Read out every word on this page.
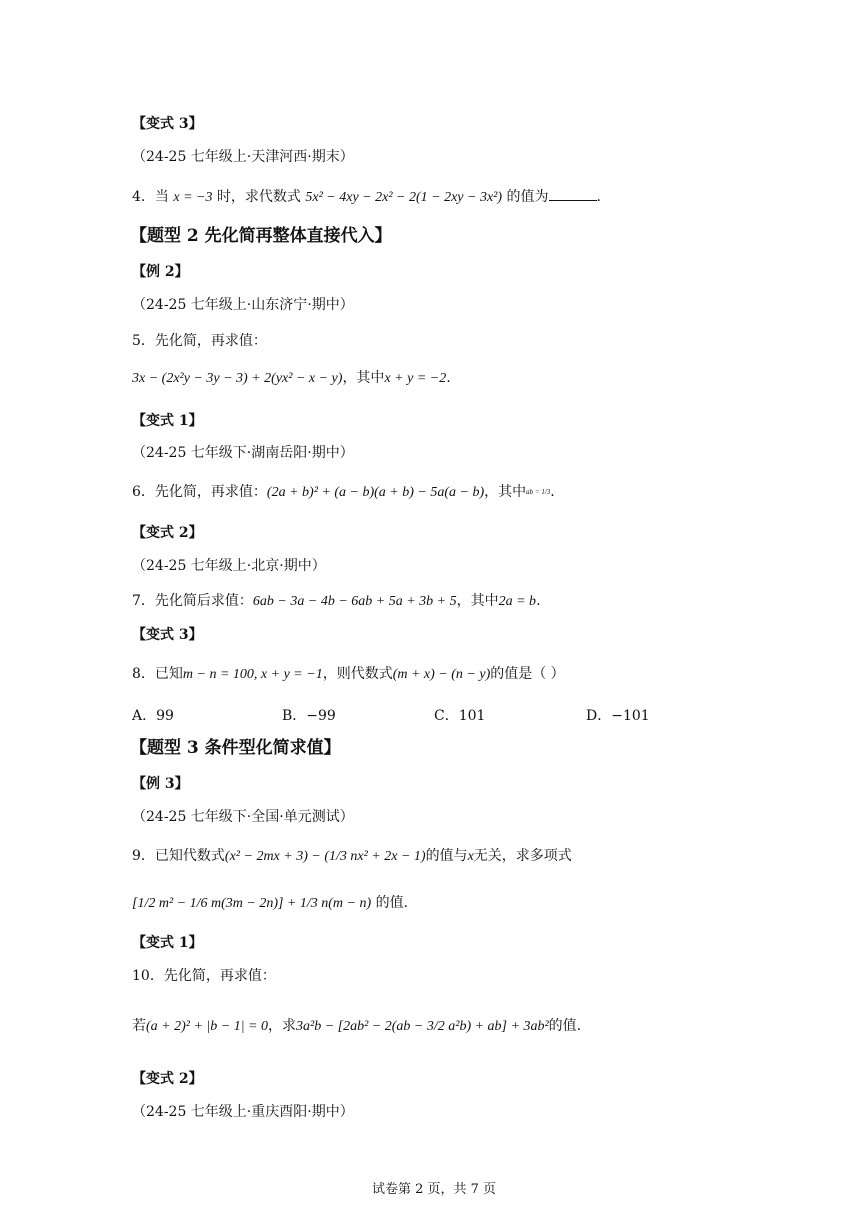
【变式 3】
（24-25 七年级上·天津河西·期末）
4．当 x = −3 时，求代数式 5x² − 4xy − 2x² − 2(1 − 2xy − 3x²) 的值为	.
【题型 2 先化简再整体直接代入】
【例 2】
（24-25 七年级上·山东济宁·期中）
5．先化简，再求值：
3x − (2x²y − 3y − 3) + 2(yx² − x − y)，其中x + y = −2.
【变式 1】
（24-25 七年级下·湖南岳阳·期中）
6．先化简，再求值：(2a + b)² + (a − b)(a + b) − 5a(a − b)，其中ab = 1/3.
【变式 2】
（24-25 七年级上·北京·期中）
7．先化简后求值：6ab − 3a − 4b − 6ab + 5a + 3b + 5，其中2a = b.
【变式 3】
8．已知m − n = 100, x + y = −1，则代数式(m + x) − (n − y)的值是（ ）
A．99	B．−99	C．101	D．−101
【题型 3 条件型化简求值】
【例 3】
（24-25 七年级下·全国·单元测试）
9．已知代数式(x² − 2mx + 3) − (1/3 nx² + 2x − 1)的值与x无关，求多项式
[1/2 m² − 1/6 m(3m − 2n)] + 1/3 n(m − n) 的值.
【变式 1】
10．先化简，再求值：
若(a + 2)² + |b − 1| = 0，求3a²b − [2ab² − 2(ab − 3/2 a²b) + ab] + 3ab²的值.
【变式 2】
（24-25 七年级上·重庆酉阳·期中）
试卷第 2 页，共 7 页
